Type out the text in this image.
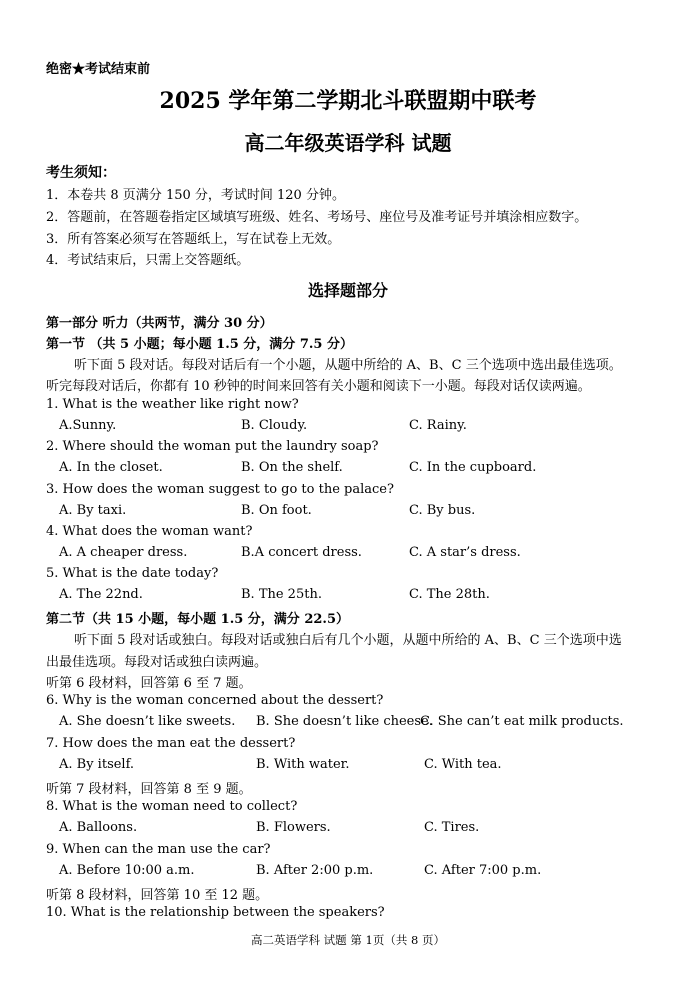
绝密★考试结束前
2025 学年第二学期北斗联盟期中联考
高二年级英语学科 试题
考生须知：
1．本卷共 8 页满分 150 分，考试时间 120 分钟。
2．答题前，在答题卷指定区域填写班级、姓名、考场号、座位号及准考证号并填涂相应数字。
3．所有答案必须写在答题纸上，写在试卷上无效。
4．考试结束后，只需上交答题纸。
选择题部分
第一部分 听力（共两节，满分 30 分）
第一节 （共 5 小题；每小题 1.5 分，满分 7.5 分）
听下面 5 段对话。每段对话后有一个小题，从题中所给的 A、B、C 三个选项中选出最佳选项。
听完每段对话后，你都有 10 秒钟的时间来回答有关小题和阅读下一小题。每段对话仅读两遍。
1. What is the weather like right now?
A.Sunny.	B. Cloudy.	C. Rainy.
2. Where should the woman put the laundry soap?
A. In the closet.	B. On the shelf.	C. In the cupboard.
3. How does the woman suggest to go to the palace?
A. By taxi.	B. On foot.	C. By bus.
4. What does the woman want?
A. A cheaper dress.	B.A concert dress.	C. A star’s dress.
5. What is the date today?
A. The 22nd.	B. The 25th.	C. The 28th.
第二节（共 15 小题，每小题 1.5 分，满分 22.5）
听下面 5 段对话或独白。每段对话或独白后有几个小题，从题中所给的 A、B、C 三个选项中选
出最佳选项。每段对话或独白读两遍。
听第 6 段材料，回答第 6 至 7 题。
6. Why is the woman concerned about the dessert?
A. She doesn’t like sweets. B. She doesn’t like cheese.
C. She can’t eat milk products.
7. How does the man eat the dessert?
A. By itself.	B. With water.	C. With tea.
听第 7 段材料，回答第 8 至 9 题。
8. What is the woman need to collect?
A. Balloons.	B. Flowers.	C. Tires.
9. When can the man use the car?
A. Before 10:00 a.m.	B. After 2:00 p.m.	C. After 7:00 p.m.
听第 8 段材料，回答第 10 至 12 题。
10. What is the relationship between the speakers?
高二英语学科 试题 第 1页（共 8 页）
